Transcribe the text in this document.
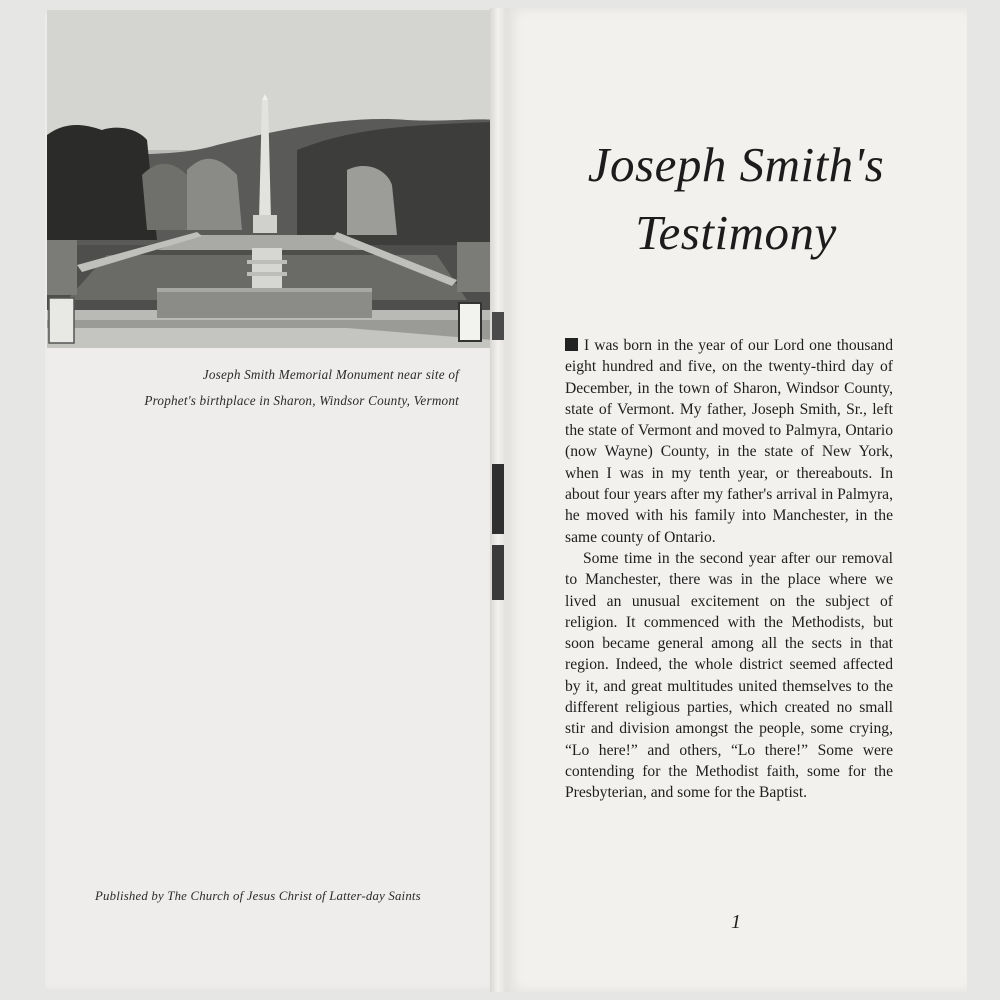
Joseph Smith Memorial Monument near site of
Prophet's birthplace in Sharon, Windsor County, Vermont
Published by The Church of Jesus Christ of Latter-day Saints
Joseph Smith's
Testimony

I was born in the year of our Lord one thousand eight hundred and five, on the twenty-third day of December, in the town of Sharon, Windsor County, state of Vermont. My father, Joseph Smith, Sr., left the state of Vermont and moved to Palmyra, Ontario (now Wayne) County, in the state of New York, when I was in my tenth year, or thereabouts. In about four years after my father's arrival in Palmyra, he moved with his family into Manchester, in the same county of Ontario.

Some time in the second year after our removal to Manchester, there was in the place where we lived an unusual excitement on the subject of religion. It commenced with the Methodists, but soon became general among all the sects in that region. Indeed, the whole district seemed affected by it, and great multitudes united themselves to the different religious parties, which created no small stir and division amongst the people, some crying, “Lo here!” and others, “Lo there!” Some were contending for the Methodist faith, some for the Presbyterian, and some for the Baptist.

1
